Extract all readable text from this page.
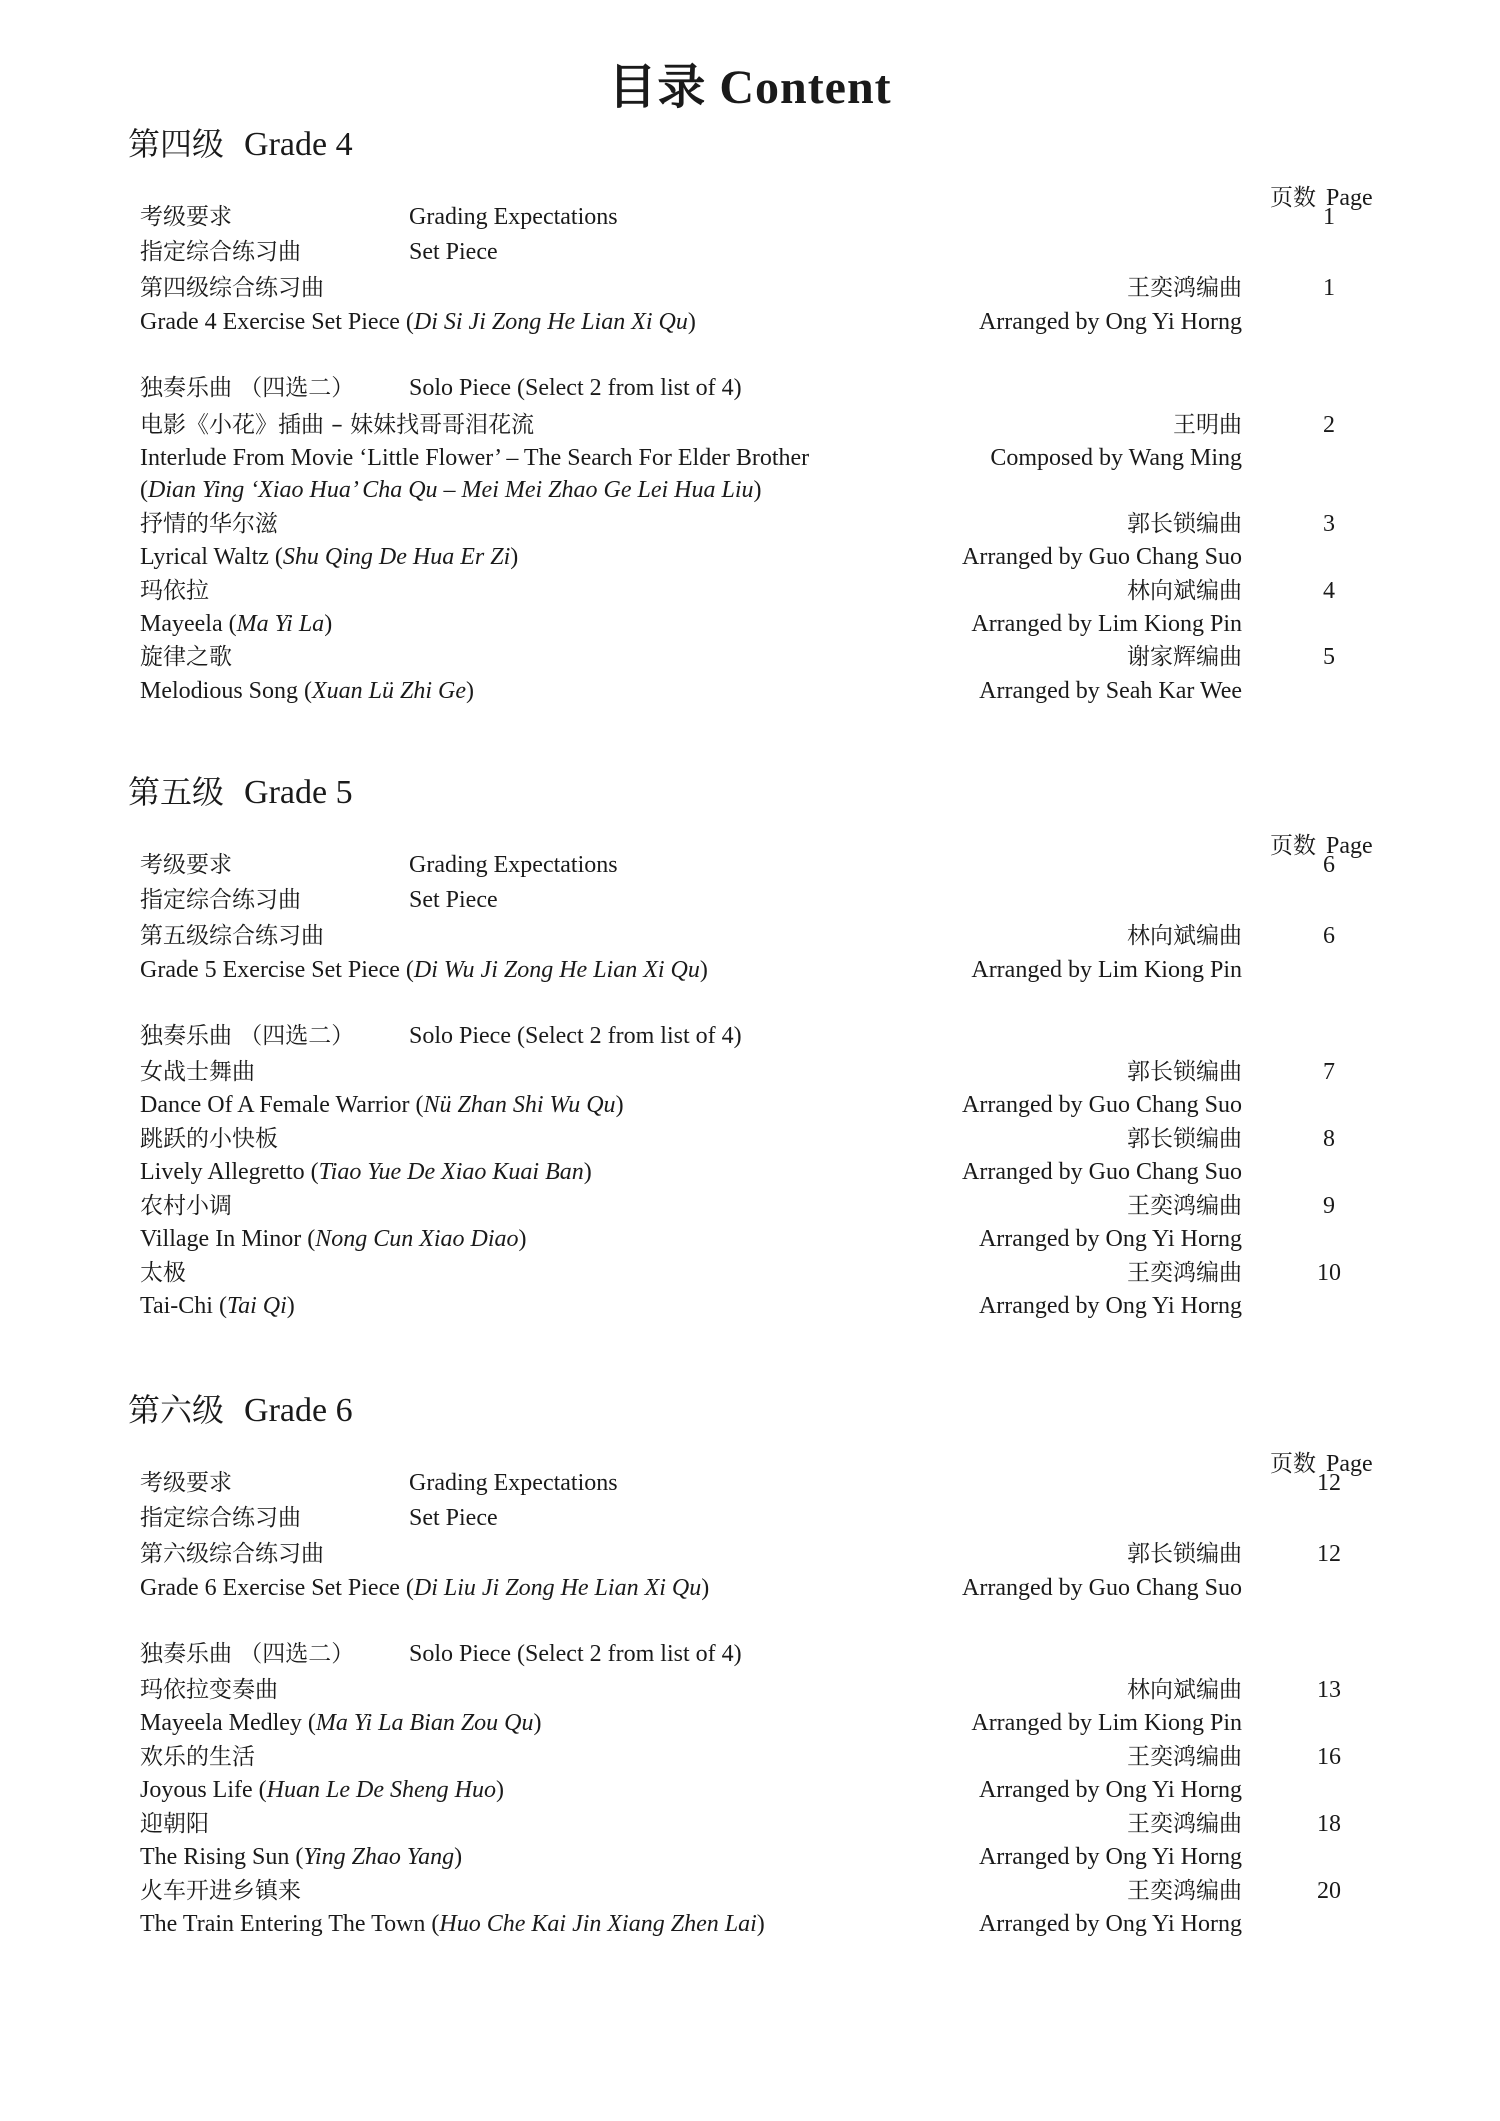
目录 Content
第四级 Grade 4
页数 Page
考级要求	Grading Expectations	1
指定综合练习曲	Set Piece
第四级综合练习曲	王奕鸿编曲	1
Grade 4 Exercise Set Piece (Di Si Ji Zong He Lian Xi Qu)	Arranged by Ong Yi Horng
独奏乐曲 （四选二） Solo Piece (Select 2 from list of 4)
电影《小花》插曲 – 妹妹找哥哥泪花流	王明曲	2
Interlude From Movie ‘Little Flower’ – The Search For Elder Brother	Composed by Wang Ming
(Dian Ying ‘Xiao Hua’ Cha Qu – Mei Mei Zhao Ge Lei Hua Liu)
抒情的华尔滋	郭长锁编曲	3
Lyrical Waltz (Shu Qing De Hua Er Zi)	Arranged by Guo Chang Suo
玛依拉	林向斌编曲	4
Mayeela (Ma Yi La)	Arranged by Lim Kiong Pin
旋律之歌	谢家辉编曲	5
Melodious Song (Xuan Lü Zhi Ge)	Arranged by Seah Kar Wee
第五级 Grade 5
页数 Page
考级要求	Grading Expectations	6
指定综合练习曲	Set Piece
第五级综合练习曲	林向斌编曲	6
Grade 5 Exercise Set Piece (Di Wu Ji Zong He Lian Xi Qu)	Arranged by Lim Kiong Pin
独奏乐曲 （四选二） Solo Piece (Select 2 from list of 4)
女战士舞曲	郭长锁编曲	7
Dance Of A Female Warrior (Nü Zhan Shi Wu Qu)	Arranged by Guo Chang Suo
跳跃的小快板	郭长锁编曲	8
Lively Allegretto (Tiao Yue De Xiao Kuai Ban)	Arranged by Guo Chang Suo
农村小调	王奕鸿编曲	9
Village In Minor (Nong Cun Xiao Diao)	Arranged by Ong Yi Horng
太极	王奕鸿编曲	10
Tai-Chi (Tai Qi)	Arranged by Ong Yi Horng
第六级 Grade 6
页数 Page
考级要求	Grading Expectations	12
指定综合练习曲	Set Piece
第六级综合练习曲	郭长锁编曲	12
Grade 6 Exercise Set Piece (Di Liu Ji Zong He Lian Xi Qu)	Arranged by Guo Chang Suo
独奏乐曲 （四选二） Solo Piece (Select 2 from list of 4)
玛依拉变奏曲	林向斌编曲	13
Mayeela Medley (Ma Yi La Bian Zou Qu)	Arranged by Lim Kiong Pin
欢乐的生活	王奕鸿编曲	16
Joyous Life (Huan Le De Sheng Huo)	Arranged by Ong Yi Horng
迎朝阳	王奕鸿编曲	18
The Rising Sun (Ying Zhao Yang)	Arranged by Ong Yi Horng
火车开进乡镇来	王奕鸿编曲	20
The Train Entering The Town (Huo Che Kai Jin Xiang Zhen Lai)	Arranged by Ong Yi Horng
